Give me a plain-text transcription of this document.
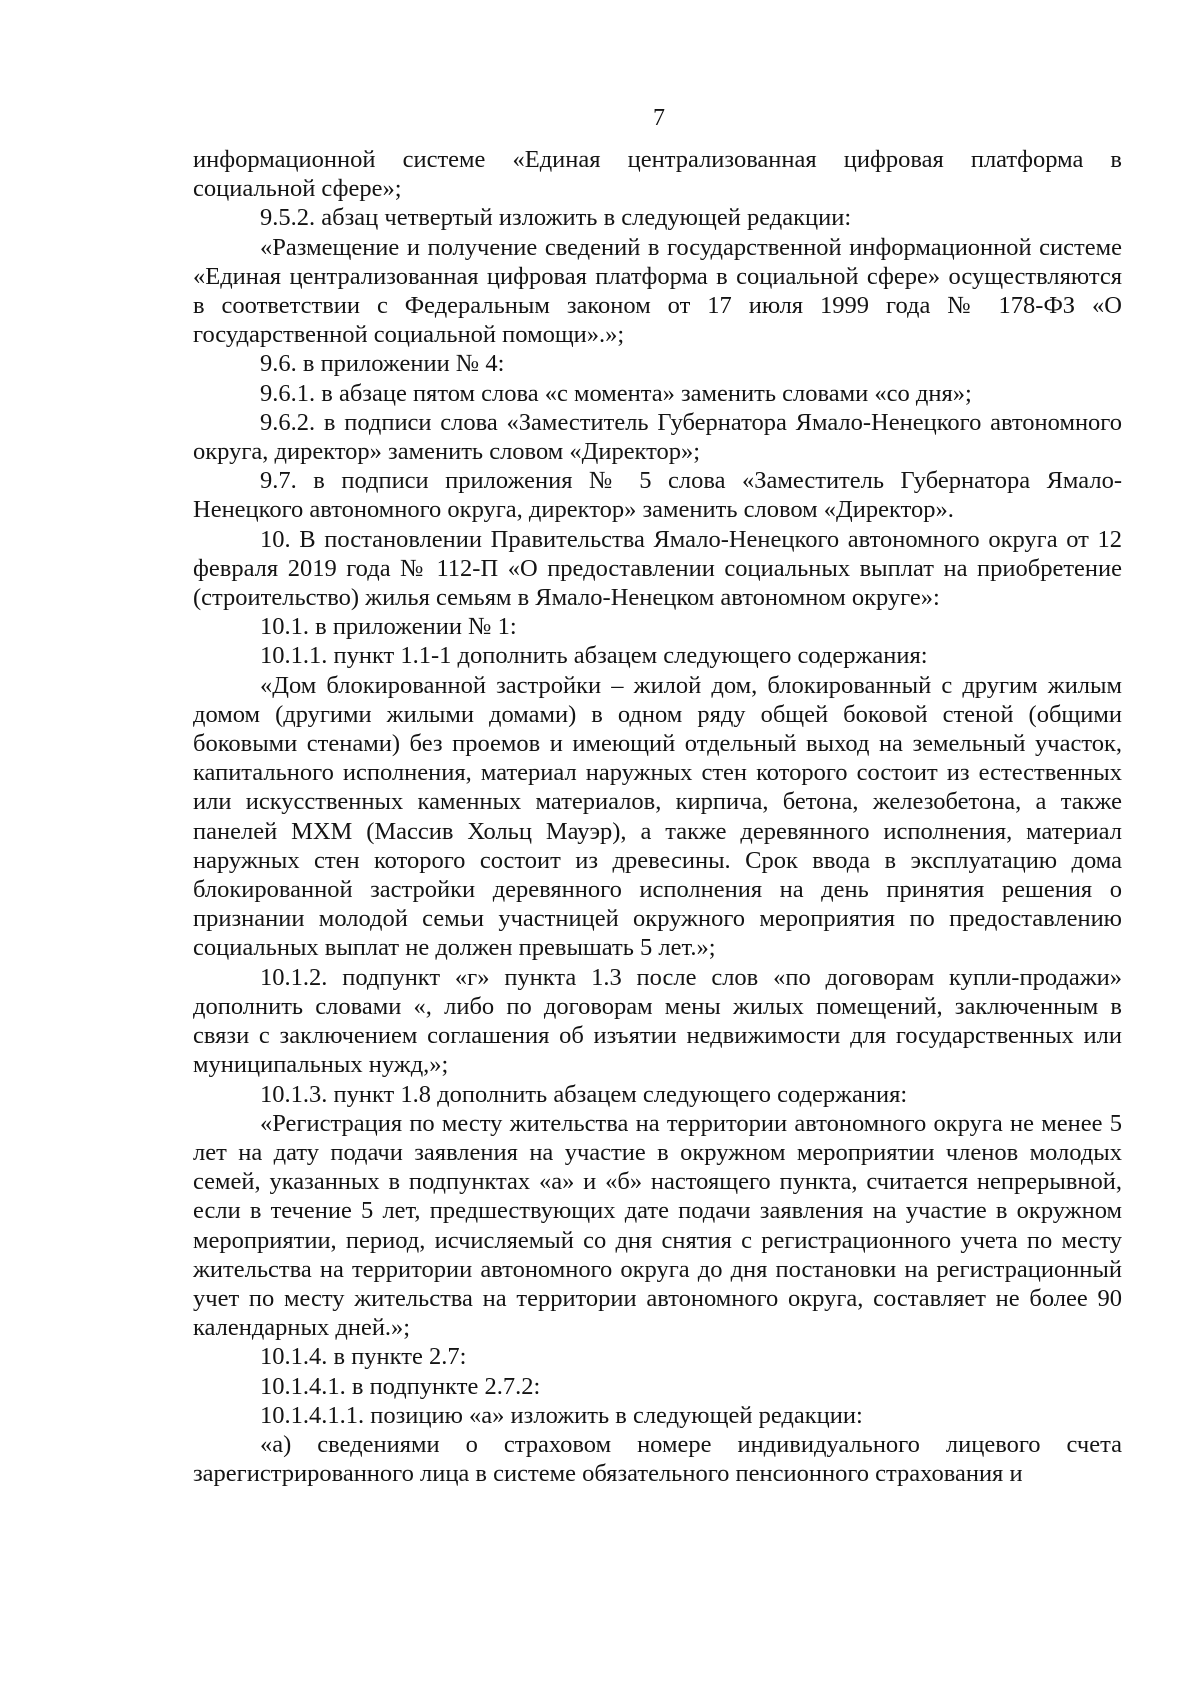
7

информационной системе «Единая централизованная цифровая платформа в социальной сфере»;

9.5.2. абзац четвертый изложить в следующей редакции:

«Размещение и получение сведений в государственной информационной системе «Единая централизованная цифровая платформа в социальной сфере» осуществляются в соответствии с Федеральным законом от 17 июля 1999 года № 178-ФЗ «О государственной социальной помощи».»;

9.6. в приложении № 4:

9.6.1. в абзаце пятом слова «с момента» заменить словами «со дня»;

9.6.2. в подписи слова «Заместитель Губернатора Ямало-Ненецкого автономного округа, директор» заменить словом «Директор»;

9.7. в подписи приложения № 5 слова «Заместитель Губернатора Ямало-Ненецкого автономного округа, директор» заменить словом «Директор».

10. В постановлении Правительства Ямало-Ненецкого автономного округа от 12 февраля 2019 года № 112-П «О предоставлении социальных выплат на приобретение (строительство) жилья семьям в Ямало-Ненецком автономном округе»:

10.1. в приложении № 1:

10.1.1. пункт 1.1-1 дополнить абзацем следующего содержания:

«Дом блокированной застройки – жилой дом, блокированный с другим жилым домом (другими жилыми домами) в одном ряду общей боковой стеной (общими боковыми стенами) без проемов и имеющий отдельный выход на земельный участок, капитального исполнения, материал наружных стен которого состоит из естественных или искусственных каменных материалов, кирпича, бетона, железобетона, а также панелей МХМ (Массив Хольц Мауэр), а также деревянного исполнения, материал наружных стен которого состоит из древесины. Срок ввода в эксплуатацию дома блокированной застройки деревянного исполнения на день принятия решения о признании молодой семьи участницей окружного мероприятия по предоставлению социальных выплат не должен превышать 5 лет.»;

10.1.2. подпункт «г» пункта 1.3 после слов «по договорам купли-продажи» дополнить словами «, либо по договорам мены жилых помещений, заключенным в связи с заключением соглашения об изъятии недвижимости для государственных или муниципальных нужд,»;

10.1.3. пункт 1.8 дополнить абзацем следующего содержания:

«Регистрация по месту жительства на территории автономного округа не менее 5 лет на дату подачи заявления на участие в окружном мероприятии членов молодых семей, указанных в подпунктах «а» и «б» настоящего пункта, считается непрерывной, если в течение 5 лет, предшествующих дате подачи заявления на участие в окружном мероприятии, период, исчисляемый со дня снятия с регистрационного учета по месту жительства на территории автономного округа до дня постановки на регистрационный учет по месту жительства на территории автономного округа, составляет не более 90 календарных дней.»;

10.1.4. в пункте 2.7:

10.1.4.1. в подпункте 2.7.2:

10.1.4.1.1. позицию «а» изложить в следующей редакции:

«а) сведениями о страховом номере индивидуального лицевого счета зарегистрированного лица в системе обязательного пенсионного страхования и
